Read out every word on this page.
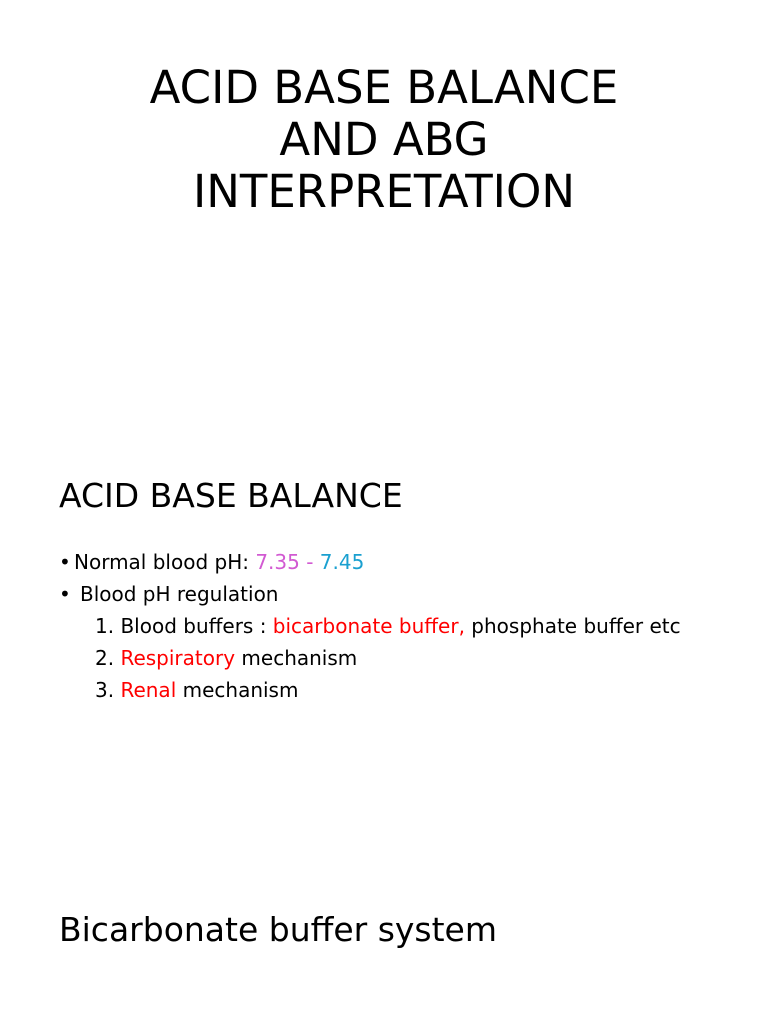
ACID BASE BALANCE
AND ABG
INTERPRETATION
ACID BASE BALANCE
• Normal blood pH: 7.35 - 7.45
• Blood pH regulation
1. Blood buffers : bicarbonate buffer, phosphate buffer etc
2. Respiratory mechanism
3. Renal mechanism
Bicarbonate buffer system
